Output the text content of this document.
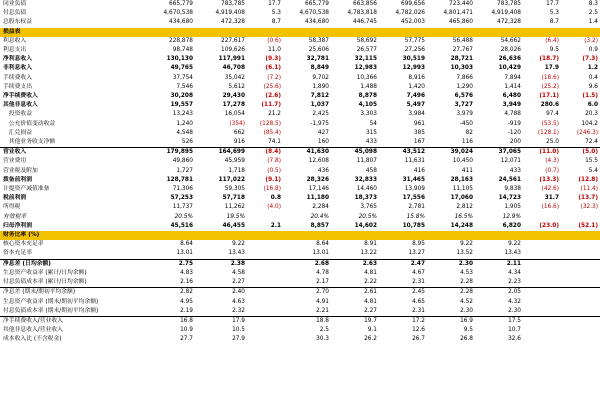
同业负债	665,779	783,785	17.7	665,779	663,856	699,656	723,440	783,785	17.7	8.3
付息负债	4,670,538	4,919,408	5.3	4,670,538	4,783,818	4,782,026	4,801,471	4,919,408	5.3	2.5
总股东权益	434,680	472,328	8.7	434,680	446,745	452,003	465,860	472,328	8.7	1.4
损益表										
利息收入	228,878	227,617	(0.6)	58,387	58,692	57,775	56,488	54,662	(6.4)	(3.2)
利息支出	98,748	109,626	11.0	25,606	26,577	27,256	27,767	28,026	9.5	0.9
净利息收入	130,130	117,991	(9.3)	32,781	32,115	30,519	28,721	26,636	(18.7)	(7.3)
非利息收入	49,765	46,708	(6.1)	8,849	12,983	12,993	10,303	10,429	17.9	1.2
手续费收入	37,754	35,042	(7.2)	9,702	10,366	8,916	7,866	7,894	(18.6)	0.4
手续费支出	7,546	5,612	(25.6)	1,890	1,488	1,420	1,290	1,414	(25.2)	9.6
净手续费收入	30,208	29,430	(2.6)	7,812	8,878	7,496	6,576	6,480	(17.1)	(1.5)
其他非息收入	19,557	17,278	(11.7)	1,037	4,105	5,497	3,727	3,949	280.6	6.0
　投资收益	13,243	16,054	21.2	2,425	3,303	3,984	3,979	4,788	97.4	20.3
　公允价值变动收益	1,240	(354)	(128.5)	-1,975	54	961	-450	-919	(53.5)	104.2
　汇兑损益	4,548	662	(85.4)	427	315	385	82	-120	(128.1)	(246.3)
　其他业务收支净额	526	916	74.1	160	433	167	116	200	25.0	72.4
营业收入	179,895	164,699	(8.4)	41,630	45,098	43,512	39,024	37,065	(11.0)	(5.0)
营业费用	49,860	45,959	(7.8)	12,608	11,807	11,631	10,450	12,071	(4.3)	15.5
营业税及附加	1,727	1,718	(0.5)	436	458	416	411	433	(0.7)	5.4
拨备前利润	128,781	117,022	(9.1)	28,326	32,833	31,465	28,163	24,561	(13.3)	(12.8)
计提资产减值准备	71,306	59,305	(16.8)	17,146	14,460	13,909	11,105	9,838	(42.6)	(11.4)
税前利润	57,253	57,718	0.8	11,180	18,373	17,556	17,060	14,723	31.7	(13.7)
所得税	11,737	11,262	(4.0)	2,284	3,765	2,781	2,812	1,905	(16.6)	(32.3)
有效税率	20.5%	19.5%		20.4%	20.5%	15.8%	16.5%	12.9%		
归母净利润	45,516	46,455	2.1	8,857	14,602	10,785	14,248	6,820	(23.0)	(52.1)
财务比率 (%)										
核心资本充足率	8.64	9.22		8.64	8.91	8.95	9.22	9.22		
资本充足率	13.01	13.43		13.01	13.22	13.27	13.52	13.43		
净息差 (日均余额)	2.75	2.38		2.68	2.63	2.47	2.30	2.11		
生息资产收益率 (累计/日均余额)	4.83	4.58		4.78	4.81	4.67	4.53	4.34		
付息负债成本率 (累计/日均余额)	2.16	2.27		2.17	2.22	2.31	2.28	2.23		
净息差 (期末/期初平均余额)	2.82	2.40		2.70	2.61	2.45	2.28	2.05		
生息资产收益率 (期末/期初平均余额)	4.95	4.63		4.91	4.81	4.65	4.52	4.32		
付息负债成本率 (期末/期初平均余额)	2.19	2.32		2.21	2.27	2.31	2.30	2.30		
净手续费收入/营业收入	16.8	17.9		18.8	19.7	17.2	16.9	17.5		
其他非息收入/营业收入	10.9	10.5		2.5	9.1	12.6	9.5	10.7		
成本收入比 (不含税金)	27.7	27.9		30.3	26.2	26.7	26.8	32.6		
